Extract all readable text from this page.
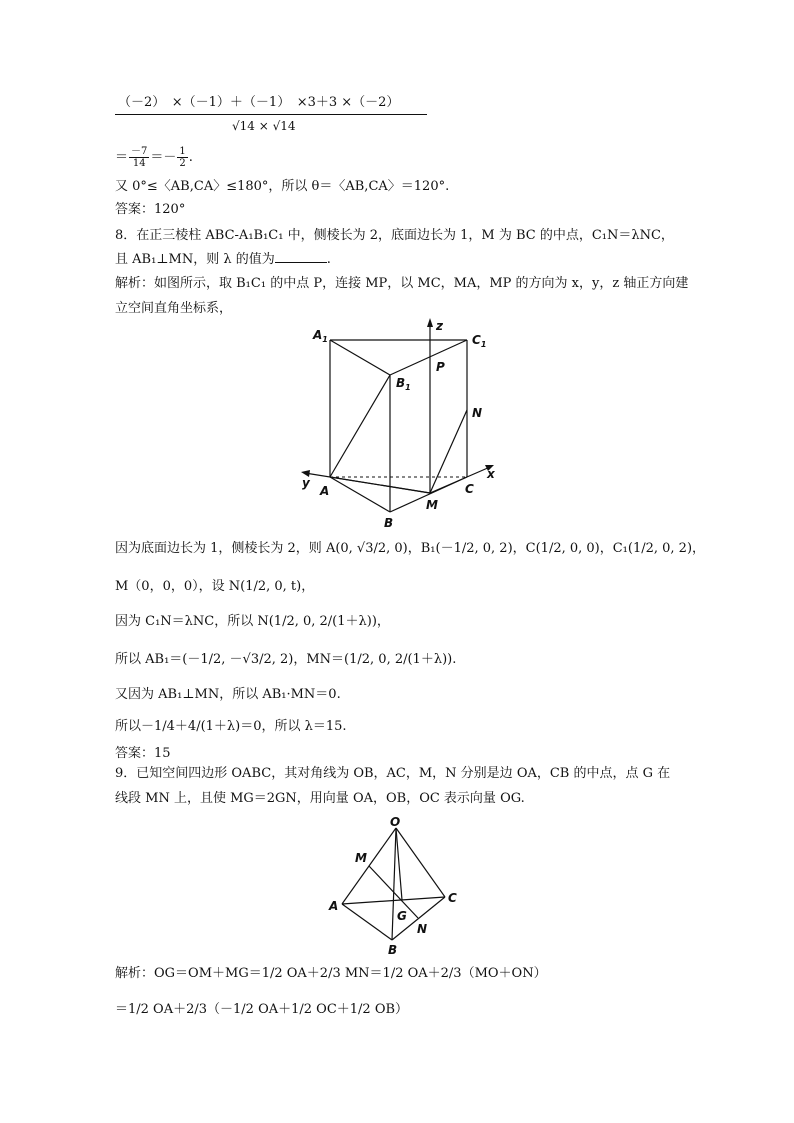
（－2）　×（－1）＋（－1）　×3＋3 ×（－2）
√14 × √14
＝ $\frac{-7}{14} =- \frac{1}{2}$ .
又 0°≤〈AB,CA〉≤180°，所以 θ＝〈AB,CA〉＝120°.
答案：120°
8．在正三棱柱 ABC-A₁B₁C₁ 中，侧棱长为 2，底面边长为 1，M 为 BC 的中点，C₁N＝λNC，
且 AB₁⊥MN，则 λ 的值为	.
解析：如图所示，取 B₁C₁ 的中点 P，连接 MP，以 MC，MA，MP 的方向为 x，y，z 轴正方向建
立空间直角坐标系，
$A_1$	$C_1$
$B_1$
P
N
A
B
C
M
x
y
z
因为底面边长为 1，侧棱长为 2，则 A(0, √3/2, 0)，B₁(－1/2, 0, 2)，C(1/2, 0, 0)，C₁(1/2, 0, 2)，
M（0，0，0），设 N(1/2, 0, t)，
因为 C₁N＝λNC，所以 N(1/2, 0, 2/(1＋λ))，
所以 AB₁＝(－1/2, －√3/2, 2)，MN＝(1/2, 0, 2/(1＋λ)).
又因为 AB₁⊥MN，所以 AB₁·MN＝0.
所以－1/4＋4/(1＋λ)＝0，所以 λ＝15.
答案：15
9．已知空间四边形 OABC，其对角线为 OB，AC，M，N 分别是边 OA，CB 的中点，点 G 在
线段 MN 上，且使 MG＝2GN，用向量 OA，OB，OC 表示向量 OG.
O
M
A
G
N
B
C
解析：OG＝OM＋MG＝1/2 OA＋2/3 MN＝1/2 OA＋2/3（MO＋ON）
＝1/2 OA＋2/3（－1/2 OA＋1/2 OC＋1/2 OB）
